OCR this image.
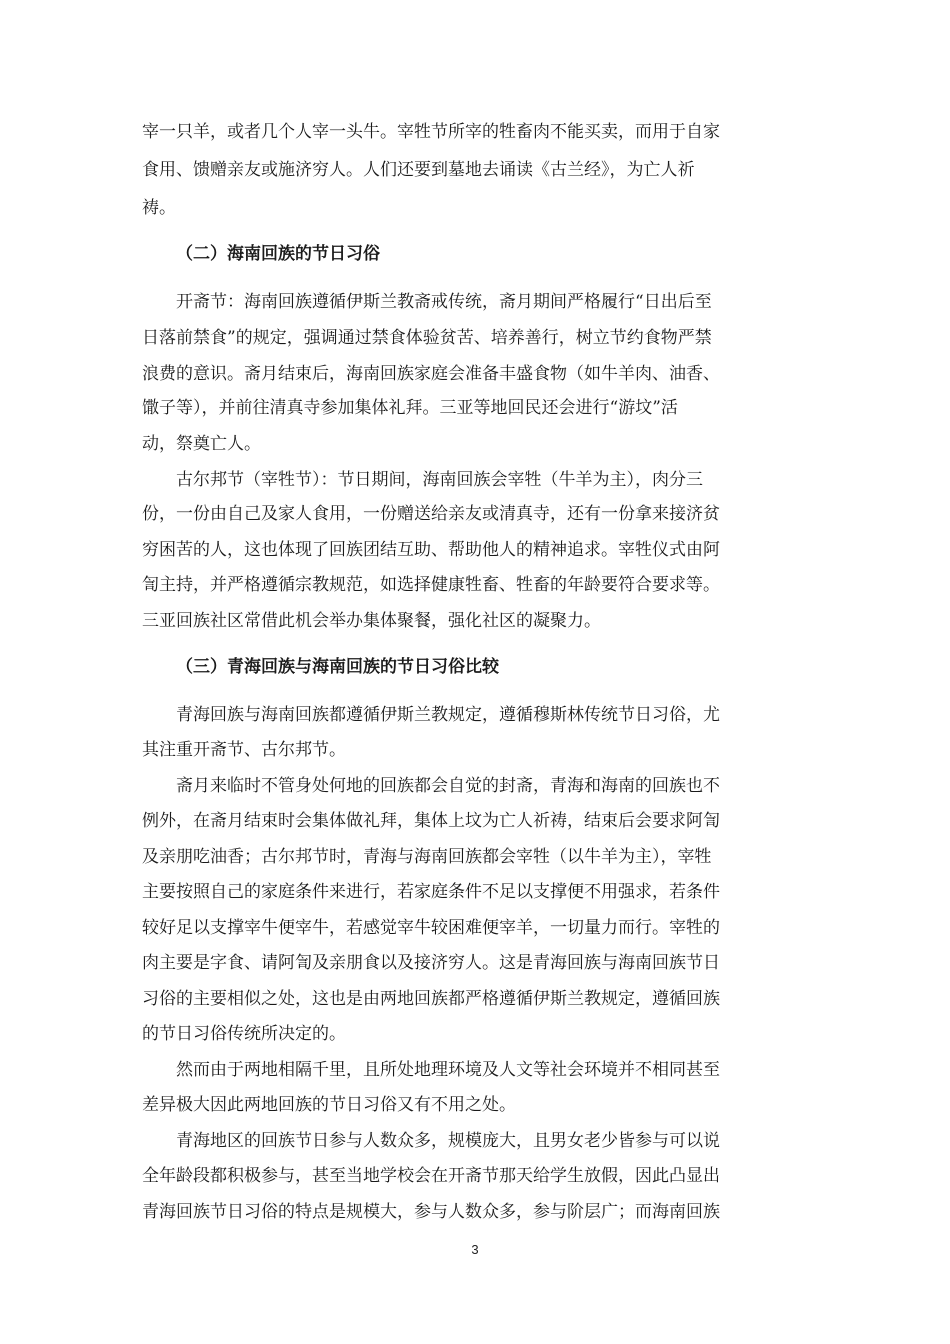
宰一只羊，或者几个人宰一头牛。宰牲节所宰的牲畜肉不能买卖，而用于自家
食用、馈赠亲友或施济穷人。人们还要到墓地去诵读《古兰经》，为亡人祈
祷。
（二）海南回族的节日习俗
开斋节：海南回族遵循伊斯兰教斋戒传统，斋月期间严格履行“日出后至
日落前禁食”的规定，强调通过禁食体验贫苦、培养善行，树立节约食物严禁
浪费的意识。斋月结束后，海南回族家庭会准备丰盛食物（如牛羊肉、油香、
馓子等），并前往清真寺参加集体礼拜。三亚等地回民还会进行“游坟”活
动，祭奠亡人。
古尔邦节（宰牲节）：节日期间，海南回族会宰牲（牛羊为主），肉分三
份，一份由自己及家人食用，一份赠送给亲友或清真寺，还有一份拿来接济贫
穷困苦的人，这也体现了回族团结互助、帮助他人的精神追求。宰牲仪式由阿
訇主持，并严格遵循宗教规范，如选择健康牲畜、牲畜的年龄要符合要求等。
三亚回族社区常借此机会举办集体聚餐，强化社区的凝聚力。
（三）青海回族与海南回族的节日习俗比较
青海回族与海南回族都遵循伊斯兰教规定，遵循穆斯林传统节日习俗，尤
其注重开斋节、古尔邦节。
斋月来临时不管身处何地的回族都会自觉的封斋，青海和海南的回族也不
例外，在斋月结束时会集体做礼拜，集体上坟为亡人祈祷，结束后会要求阿訇
及亲朋吃油香；古尔邦节时，青海与海南回族都会宰牲（以牛羊为主），宰牲
主要按照自己的家庭条件来进行，若家庭条件不足以支撑便不用强求，若条件
较好足以支撑宰牛便宰牛，若感觉宰牛较困难便宰羊，一切量力而行。宰牲的
肉主要是字食、请阿訇及亲朋食以及接济穷人。这是青海回族与海南回族节日
习俗的主要相似之处，这也是由两地回族都严格遵循伊斯兰教规定，遵循回族
的节日习俗传统所决定的。
然而由于两地相隔千里，且所处地理环境及人文等社会环境并不相同甚至
差异极大因此两地回族的节日习俗又有不用之处。
青海地区的回族节日参与人数众多，规模庞大，且男女老少皆参与可以说
全年龄段都积极参与，甚至当地学校会在开斋节那天给学生放假，因此凸显出
青海回族节日习俗的特点是规模大，参与人数众多，参与阶层广；而海南回族
3
